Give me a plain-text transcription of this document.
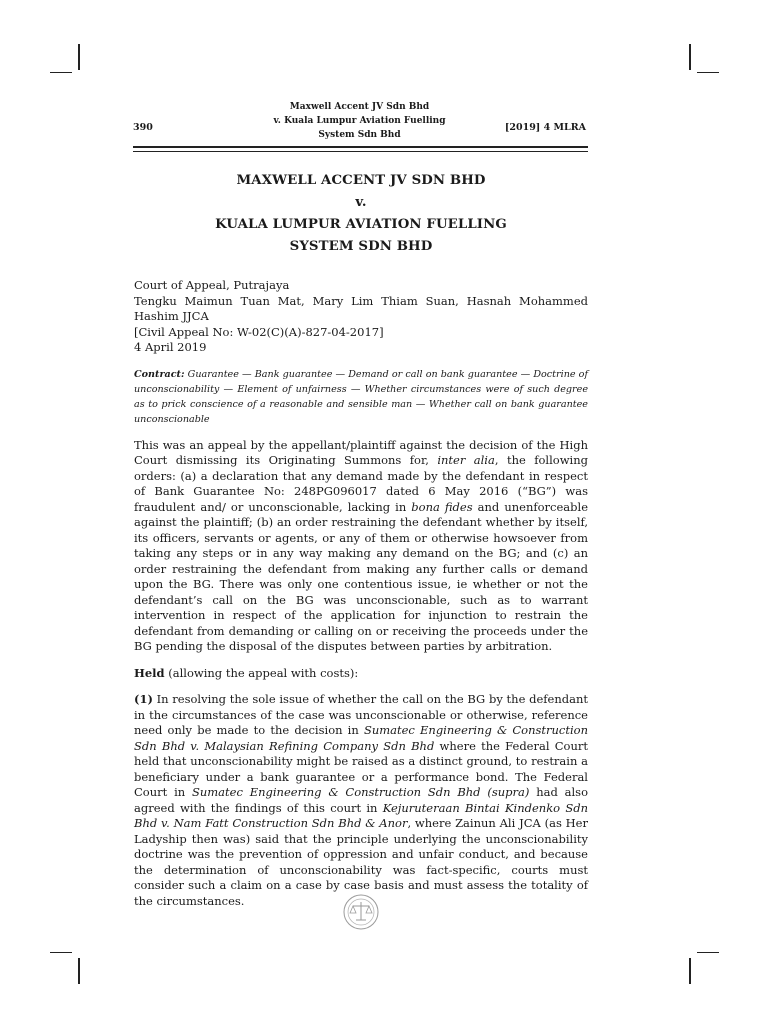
390
Maxwell Accent JV Sdn Bhd
v. Kuala Lumpur Aviation Fuelling
System Sdn Bhd
[2019] 4 MLRA
MAXWELL ACCENT JV SDN BHD
v.
KUALA LUMPUR AVIATION FUELLING
SYSTEM SDN BHD
Court of Appeal, Putrajaya
Tengku Maimun Tuan Mat, Mary Lim Thiam Suan, Hasnah Mohammed Hashim JJCA
[Civil Appeal No: W-02(C)(A)-827-04-2017]
4 April 2019
Contract: Guarantee — Bank guarantee — Demand or call on bank guarantee — Doctrine of unconscionability — Element of unfairness — Whether circumstances were of such degree as to prick conscience of a reasonable and sensible man — Whether call on bank guarantee unconscionable
This was an appeal by the appellant/plaintiff against the decision of the High Court dismissing its Originating Summons for, inter alia, the following orders: (a) a declaration that any demand made by the defendant in respect of Bank Guarantee No: 248PG096017 dated 6 May 2016 (“BG”) was fraudulent and/ or unconscionable, lacking in bona fides and unenforceable against the plaintiff; (b) an order restraining the defendant whether by itself, its officers, servants or agents, or any of them or otherwise howsoever from taking any steps or in any way making any demand on the BG; and (c) an order restraining the defendant from making any further calls or demand upon the BG. There was only one contentious issue, ie whether or not the defendant’s call on the BG was unconscionable, such as to warrant intervention in respect of the application for injunction to restrain the defendant from demanding or calling on or receiving the proceeds under the BG pending the disposal of the disputes between parties by arbitration.
Held (allowing the appeal with costs):
(1) In resolving the sole issue of whether the call on the BG by the defendant in the circumstances of the case was unconscionable or otherwise, reference need only be made to the decision in Sumatec Engineering & Construction Sdn Bhd v. Malaysian Refining Company Sdn Bhd where the Federal Court held that unconscionability might be raised as a distinct ground, to restrain a beneficiary under a bank guarantee or a performance bond. The Federal Court in Sumatec Engineering & Construction Sdn Bhd (supra) had also agreed with the findings of this court in Kejuruteraan Bintai Kindenko Sdn Bhd v. Nam Fatt Construction Sdn Bhd & Anor, where Zainun Ali JCA (as Her Ladyship then was) said that the principle underlying the unconscionability doctrine was the prevention of oppression and unfair conduct, and because the determination of unconscionability was fact-specific, courts must consider such a claim on a case by case basis and must assess the totality of the circumstances.
